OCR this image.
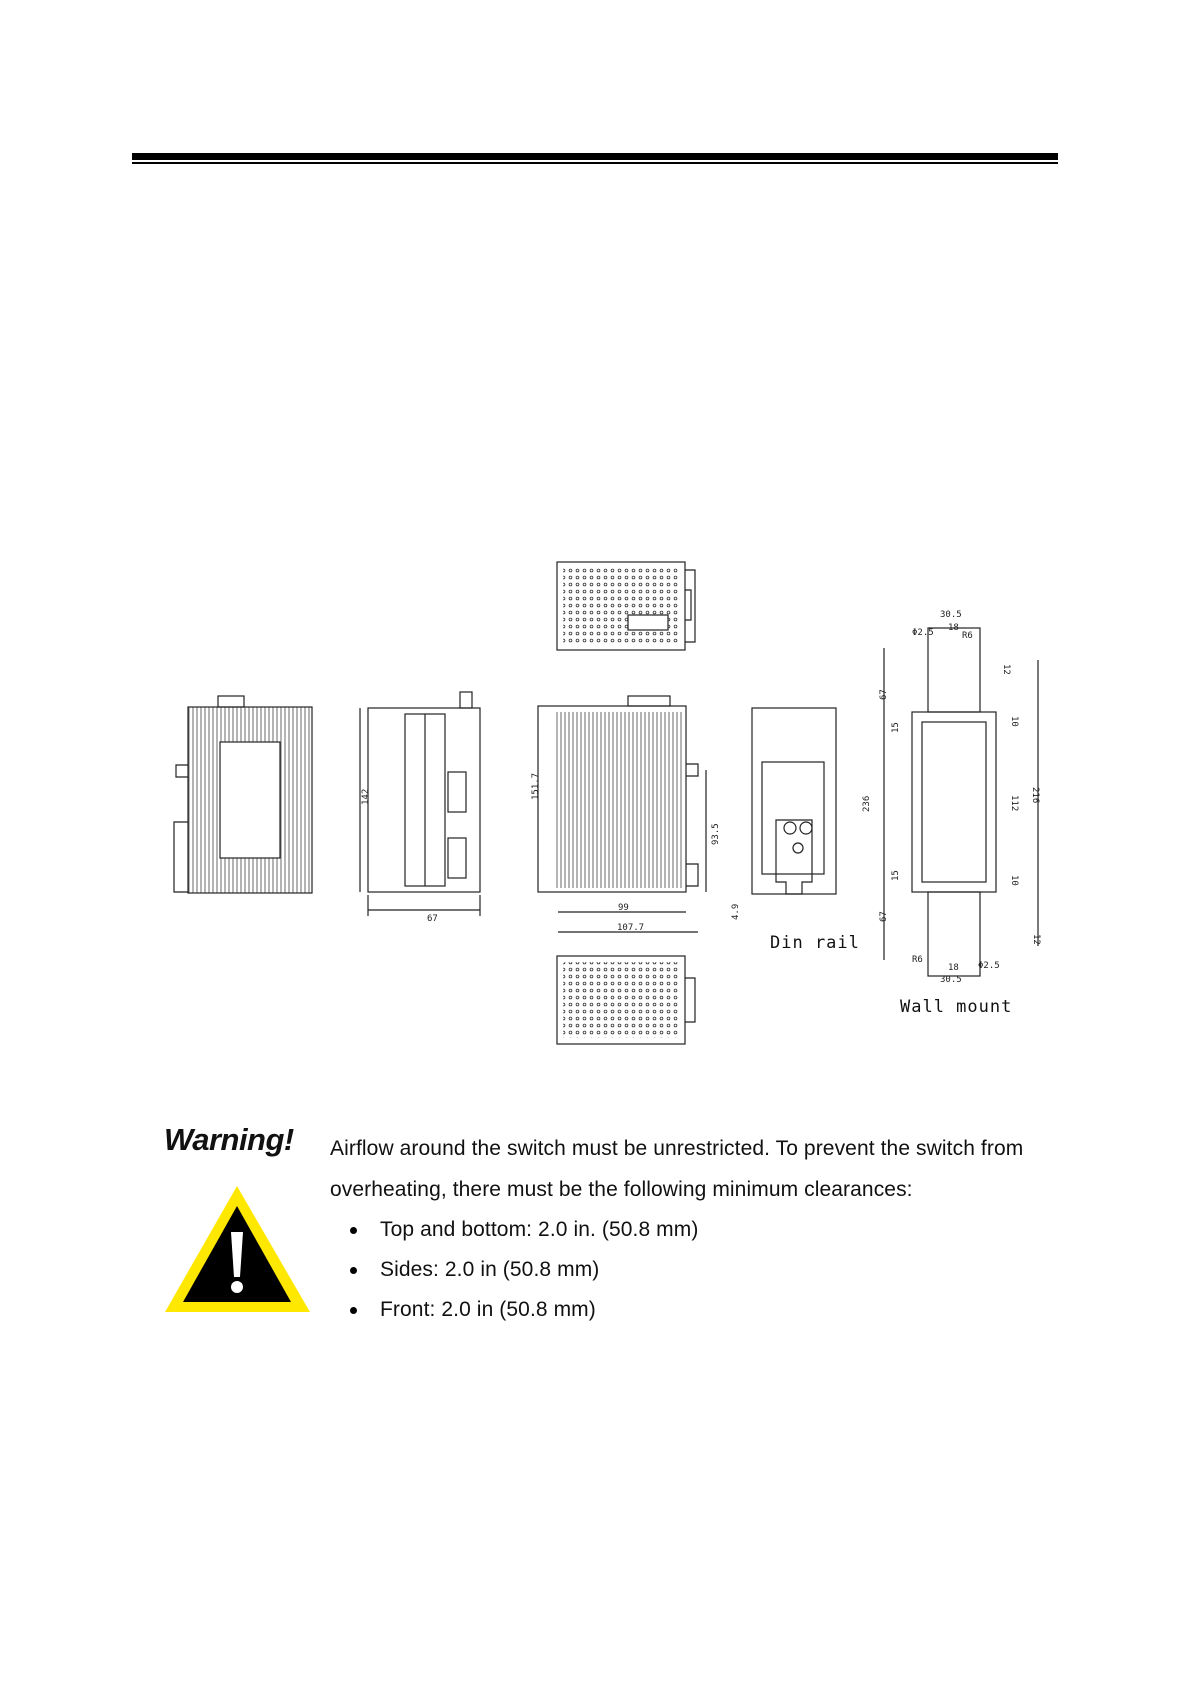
142
67
151.7
93.5
99
107.7
4.9
Din rail
Wall mount
30.5
18
Φ2.5	R6
12
67
15
10
236	112 216
15	10
67
12
18
30.5
R6
Φ2.5
Warning! Airflow around the switch must be unrestricted. To prevent the switch from overheating, there must be the following minimum clearances:

Top and bottom: 2.0 in. (50.8 mm)
Sides: 2.0 in (50.8 mm)
Front: 2.0 in (50.8 mm)
